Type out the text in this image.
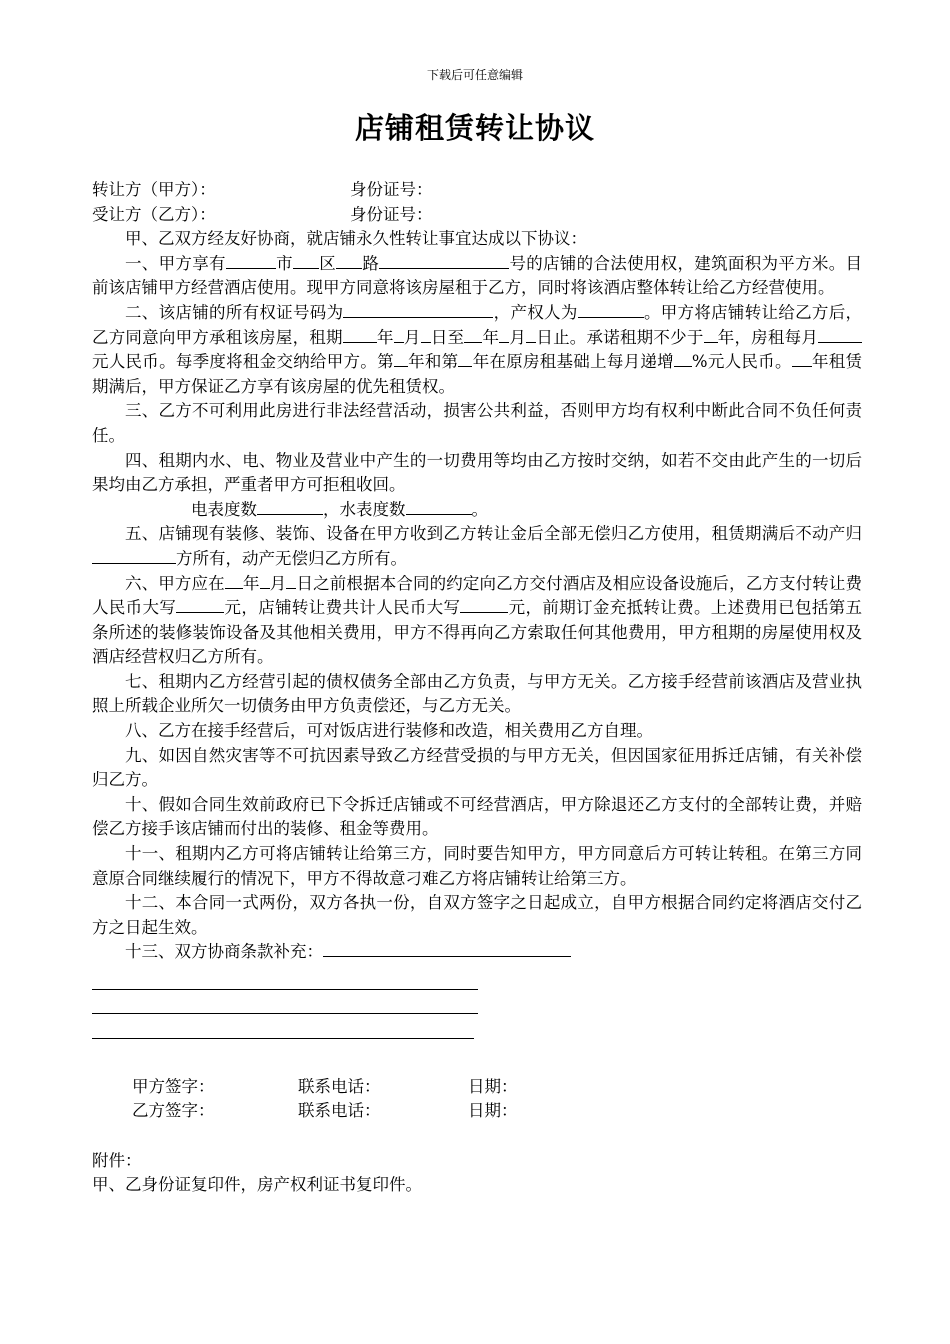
下载后可任意编辑
店铺租赁转让协议
转让方（甲方）：	身份证号：
受让方（乙方）：	身份证号：

甲、乙双方经友好协商，就店铺永久性转让事宜达成以下协议：

一、甲方享有	市 区 路	号的店铺的合法使用权，建筑面积为平方米。目前该店铺甲方经营酒店使用。现甲方同意将该房屋租于乙方，同时将该酒店整体转让给乙方经营使用。

二、该店铺的所有权证号码为	，产权人为	。甲方将店铺转让给乙方后，乙方同意向甲方承租该房屋，租期 年 月 日至 年 月 日止。承诺租期不少于 年，房租每月元人民币。每季度将租金交纳给甲方。第 年和第 年在原房租基础上每月递增 %元人民币。 年租赁期满后，甲方保证乙方享有该房屋的优先租赁权。

三、乙方不可利用此房进行非法经营活动，损害公共利益，否则甲方均有权利中断此合同不负任何责任。

四、租期内水、电、物业及营业中产生的一切费用等均由乙方按时交纳，如若不交由此产生的一切后果均由乙方承担，严重者甲方可拒租收回。

电表度数	，水表度数	。

五、店铺现有装修、装饰、设备在甲方收到乙方转让金后全部无偿归乙方使用，租赁期满后不动产归方所有，动产无偿归乙方所有。

六、甲方应在 年 月 日之前根据本合同的约定向乙方交付酒店及相应设备设施后，乙方支付转让费人民币大写	元，店铺转让费共计人民币大写	元，前期订金充抵转让费。上述费用已包括第五条所述的装修装饰设备及其他相关费用，甲方不得再向乙方索取任何其他费用，甲方租期的房屋使用权及酒店经营权归乙方所有。

七、租期内乙方经营引起的债权债务全部由乙方负责，与甲方无关。乙方接手经营前该酒店及营业执照上所载企业所欠一切债务由甲方负责偿还，与乙方无关。

八、乙方在接手经营后，可对饭店进行装修和改造，相关费用乙方自理。

九、如因自然灾害等不可抗因素导致乙方经营受损的与甲方无关，但因国家征用拆迁店铺，有关补偿归乙方。

十、假如合同生效前政府已下令拆迁店铺或不可经营酒店，甲方除退还乙方支付的全部转让费，并赔偿乙方接手该店铺而付出的装修、租金等费用。

十一、租期内乙方可将店铺转让给第三方，同时要告知甲方，甲方同意后方可转让转租。在第三方同意原合同继续履行的情况下，甲方不得故意刁难乙方将店铺转让给第三方。

十二、本合同一式两份，双方各执一份，自双方签字之日起成立，自甲方根据合同约定将酒店交付乙方之日起生效。

十三、双方协商条款补充：
甲方签字：	联系电话：	日期：
乙方签字：	联系电话：	日期：
附件：
甲、乙身份证复印件，房产权利证书复印件。
